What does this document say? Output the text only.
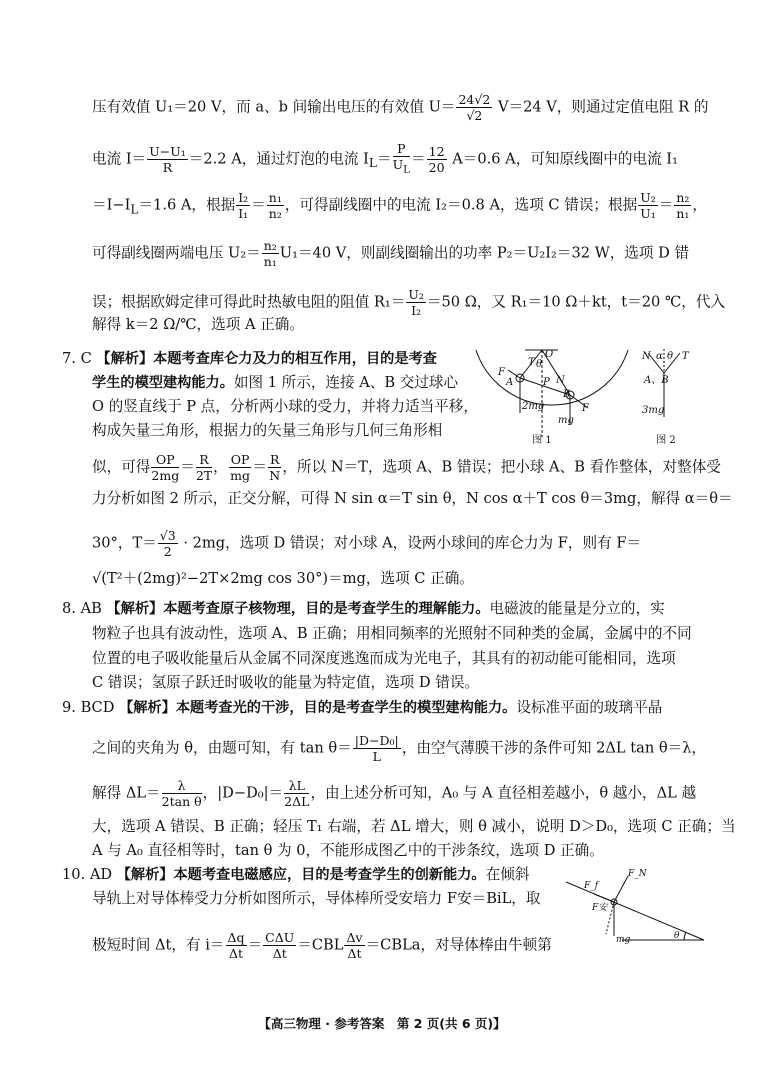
压有效值 U₁＝20 V，而 a、b 间输出电压的有效值 $U= \frac{24√2}{√2} V=24$ V，则通过定值电阻 R 的
电流 $I= \frac{\text{U−U₁}}{R} =2.2$ A，通过灯泡的电流 $I_L= \frac{P}{U_L} = \frac{12}{20} A=0.6$ A，可知原线圈中的电流 I₁
$=I-I_L=1.6$ A，根据 $\frac{\text{I₂}}{\text{I₁}} = \frac{\text{n₁}}{\text{n₂}}$ ，可得副线圈中的电流 I₂＝0.8 A，选项 C 错误；根据 $\frac{\text{U₂}}{\text{U₁}} = \frac{\text{n₂}}{\text{n₁}}$ ，
可得副线圈两端电压 $U_2= \frac{\text{n₂}}{\text{n₁}} U_1=40$ V，则副线圈输出的功率 P₂＝U₂I₂＝32 W，选项 D 错
误；根据欧姆定律可得此时热敏电阻的阻值 $R_1= \frac{\text{U₂}}{\text{I₂}} =50$ Ω，又 R₁＝10 Ω＋kt，t＝20 ℃，代入
解得 k＝2 Ω/℃，选项 A 正确。
7. C 【解析】本题考查库仑力及力的相互作用，目的是考查
学生的模型建构能力。如图 1 所示，连接 A、B 交过球心
O 的竖直线于 P 点，分析两小球的受力，并将力适当平移，
构成矢量三角形，根据力的矢量三角形与几何三角形相
似，可得 $\frac{OP}{2mg} = \frac{R}{2T}$ ， $\frac{OP}{mg} = \frac{R}{N}$ ，所以 N＝T，选项 A、B 错误；把小球 A、B 看作整体，对整体受
力分析如图 2 所示，正交分解，可得 N sin α＝T sin θ，N cos α＋T cos θ＝3mg，解得 α＝θ＝
30°，$T= \frac{√3}{2} \cdot 2mg$，选项 D 错误；对小球 A，设两小球间的库仑力为 F，则有 F＝
√(T²＋(2mg)²−2T×2mg cos 30°)＝mg，选项 C 正确。
O
T θ
F
A	P N
B
F
2mg
mg
图 1
N α θ T
A、B
3mg
图 2
8. AB 【解析】本题考查原子核物理，目的是考查学生的理解能力。电磁波的能量是分立的，实
物粒子也具有波动性，选项 A、B 正确；用相同频率的光照射不同种类的金属，金属中的不同
位置的电子吸收能量后从金属不同深度逃逸而成为光电子，其具有的初动能可能相同，选项
C 错误；氢原子跃迁时吸收的能量为特定值，选项 D 错误。
9. BCD 【解析】本题考查光的干涉，目的是考查学生的模型建构能力。设标准平面的玻璃平晶
之间的夹角为 θ，由题可知，有 $\tan \theta= \frac{\text{|D−D₀|}}{L}$ ，由空气薄膜干涉的条件可知 2ΔL tan θ＝λ，
解得 $\Delta L= \frac{\lambda}{\text{2tan θ}}$ ，$|D-D_0|= \frac{\lambda L}{2\Delta L}$ ，由上述分析可知，A₀ 与 A 直径相差越小，θ 越小，ΔL 越
大，选项 A 错误、B 正确；轻压 T₁ 右端，若 ΔL 增大，则 θ 减小，说明 D＞D₀，选项 C 正确；当
A 与 A₀ 直径相等时，tan θ 为 0，不能形成图乙中的干涉条纹，选项 D 正确。
10. AD 【解析】本题考查电磁感应，目的是考查学生的创新能力。在倾斜
导轨上对导体棒受力分析如图所示，导体棒所受安培力 F安＝BiL，取
极短时间 Δt，有 $i= \frac{\Delta q}{\Delta t} = \frac{\text{CΔU}}{\Delta t} =CBL \frac{\Delta v}{\Delta t}$ ＝CBLa，对导体棒由牛顿第
F_f
F_N
F安
mg	θ
【高三物理 · 参考答案　第 2 页(共 6 页)】
